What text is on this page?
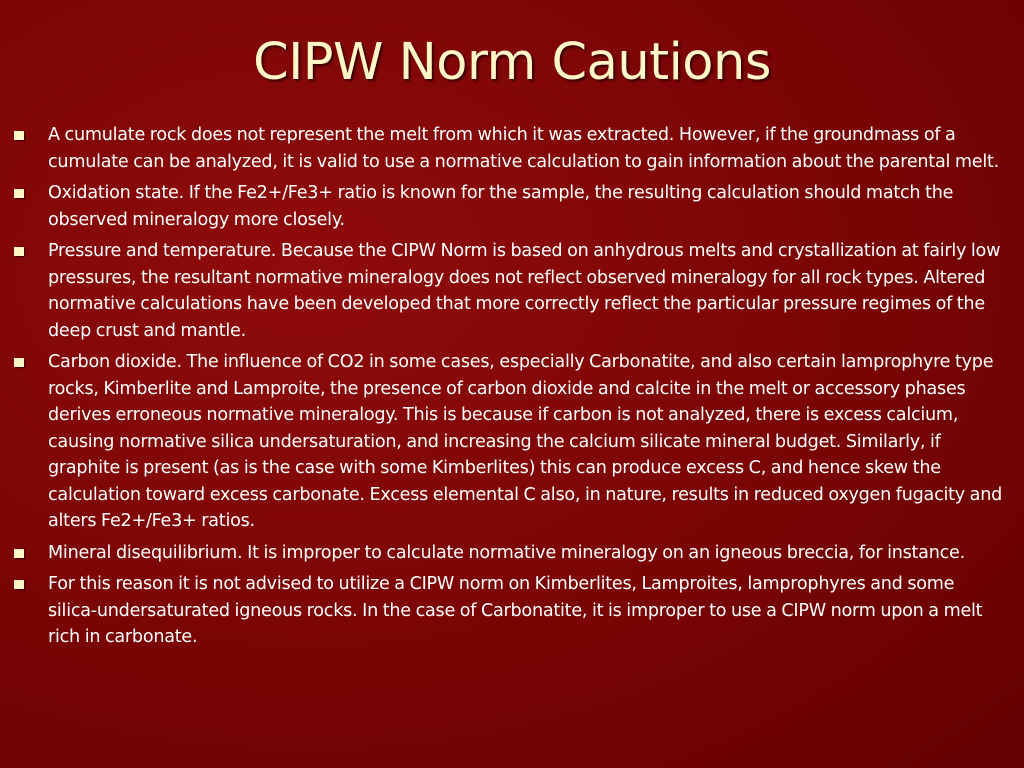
CIPW Norm Cautions
A cumulate rock does not represent the melt from which it was extracted. However, if the groundmass of a cumulate can be analyzed, it is valid to use a normative calculation to gain information about the parental melt.
Oxidation state. If the Fe2+/Fe3+ ratio is known for the sample, the resulting calculation should match the observed mineralogy more closely.
Pressure and temperature. Because the CIPW Norm is based on anhydrous melts and crystallization at fairly low pressures, the resultant normative mineralogy does not reflect observed mineralogy for all rock types. Altered normative calculations have been developed that more correctly reflect the particular pressure regimes of the deep crust and mantle.
Carbon dioxide. The influence of CO2 in some cases, especially Carbonatite, and also certain lamprophyre type rocks, Kimberlite and Lamproite, the presence of carbon dioxide and calcite in the melt or accessory phases derives erroneous normative mineralogy. This is because if carbon is not analyzed, there is excess calcium, causing normative silica undersaturation, and increasing the calcium silicate mineral budget. Similarly, if graphite is present (as is the case with some Kimberlites) this can produce excess C, and hence skew the calculation toward excess carbonate. Excess elemental C also, in nature, results in reduced oxygen fugacity and alters Fe2+/Fe3+ ratios.
Mineral disequilibrium. It is improper to calculate normative mineralogy on an igneous breccia, for instance.
For this reason it is not advised to utilize a CIPW norm on Kimberlites, Lamproites, lamprophyres and some silica-undersaturated igneous rocks. In the case of Carbonatite, it is improper to use a CIPW norm upon a melt rich in carbonate.
